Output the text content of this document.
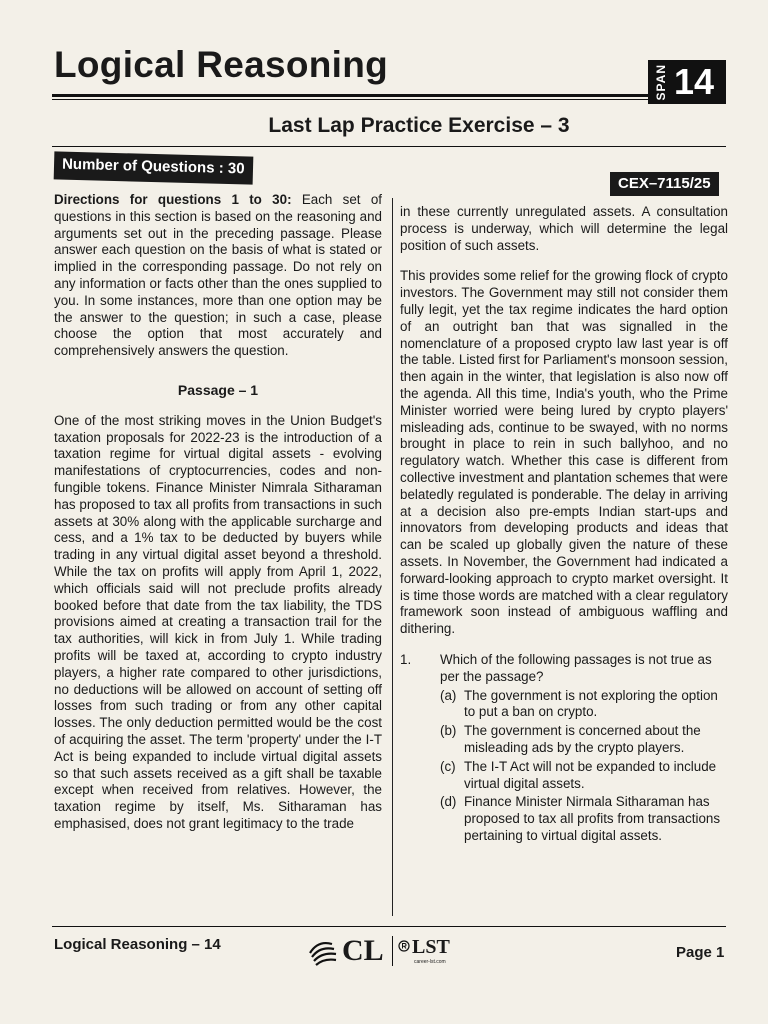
Logical Reasoning	SPAN 14
Last Lap Practice Exercise – 3
Number of Questions : 30
CEX–7115/25

Directions for questions 1 to 30: Each set of questions in this section is based on the reasoning and arguments set out in the preceding passage. Please answer each question on the basis of what is stated or implied in the corresponding passage. Do not rely on any information or facts other than the ones supplied to you. In some instances, more than one option may be the answer to the question; in such a case, please choose the option that most accurately and comprehensively answers the question.

Passage – 1

One of the most striking moves in the Union Budget's taxation proposals for 2022-23 is the introduction of a taxation regime for virtual digital assets - evolving manifestations of cryptocurrencies, codes and non-fungible tokens. Finance Minister Nimrala Sitharaman has proposed to tax all profits from transactions in such assets at 30% along with the applicable surcharge and cess, and a 1% tax to be deducted by buyers while trading in any virtual digital asset beyond a threshold. While the tax on profits will apply from April 1, 2022, which officials said will not preclude profits already booked before that date from the tax liability, the TDS provisions aimed at creating a transaction trail for the tax authorities, will kick in from July 1. While trading profits will be taxed at, according to crypto industry players, a higher rate compared to other jurisdictions, no deductions will be allowed on account of setting off losses from such trading or from any other capital losses. The only deduction permitted would be the cost of acquiring the asset. The term 'property' under the I-T Act is being expanded to include virtual digital assets so that such assets received as a gift shall be taxable except when received from relatives. However, the taxation regime by itself, Ms. Sitharaman has emphasised, does not grant legitimacy to the trade

in these currently unregulated assets. A consultation process is underway, which will determine the legal position of such assets.

This provides some relief for the growing flock of crypto investors. The Government may still not consider them fully legit, yet the tax regime indicates the hard option of an outright ban that was signalled in the nomenclature of a proposed crypto law last year is off the table. Listed first for Parliament's monsoon session, then again in the winter, that legislation is also now off the agenda. All this time, India's youth, who the Prime Minister worried were being lured by crypto players' misleading ads, continue to be swayed, with no norms brought in place to rein in such ballyhoo, and no regulatory watch. Whether this case is different from collective investment and plantation schemes that were belatedly regulated is ponderable. The delay in arriving at a decision also pre-empts Indian start-ups and innovators from developing products and ideas that can be scaled up globally given the nature of these assets. In November, the Government had indicated a forward-looking approach to crypto market oversight. It is time those words are matched with a clear regulatory framework soon instead of ambiguous waffling and dithering.

1.	Which of the following passages is not true as per the passage?
(a) The government is not exploring the option to put a ban on crypto.
(b) The government is concerned about the misleading ads by the crypto players.
(c) The I-T Act will not be expanded to include virtual digital assets.
(d) Finance Minister Nirmala Sitharaman has proposed to tax all profits from transactions pertaining to virtual digital assets.
Logical Reasoning – 14	CL LST
career-lst.com
Page 1
